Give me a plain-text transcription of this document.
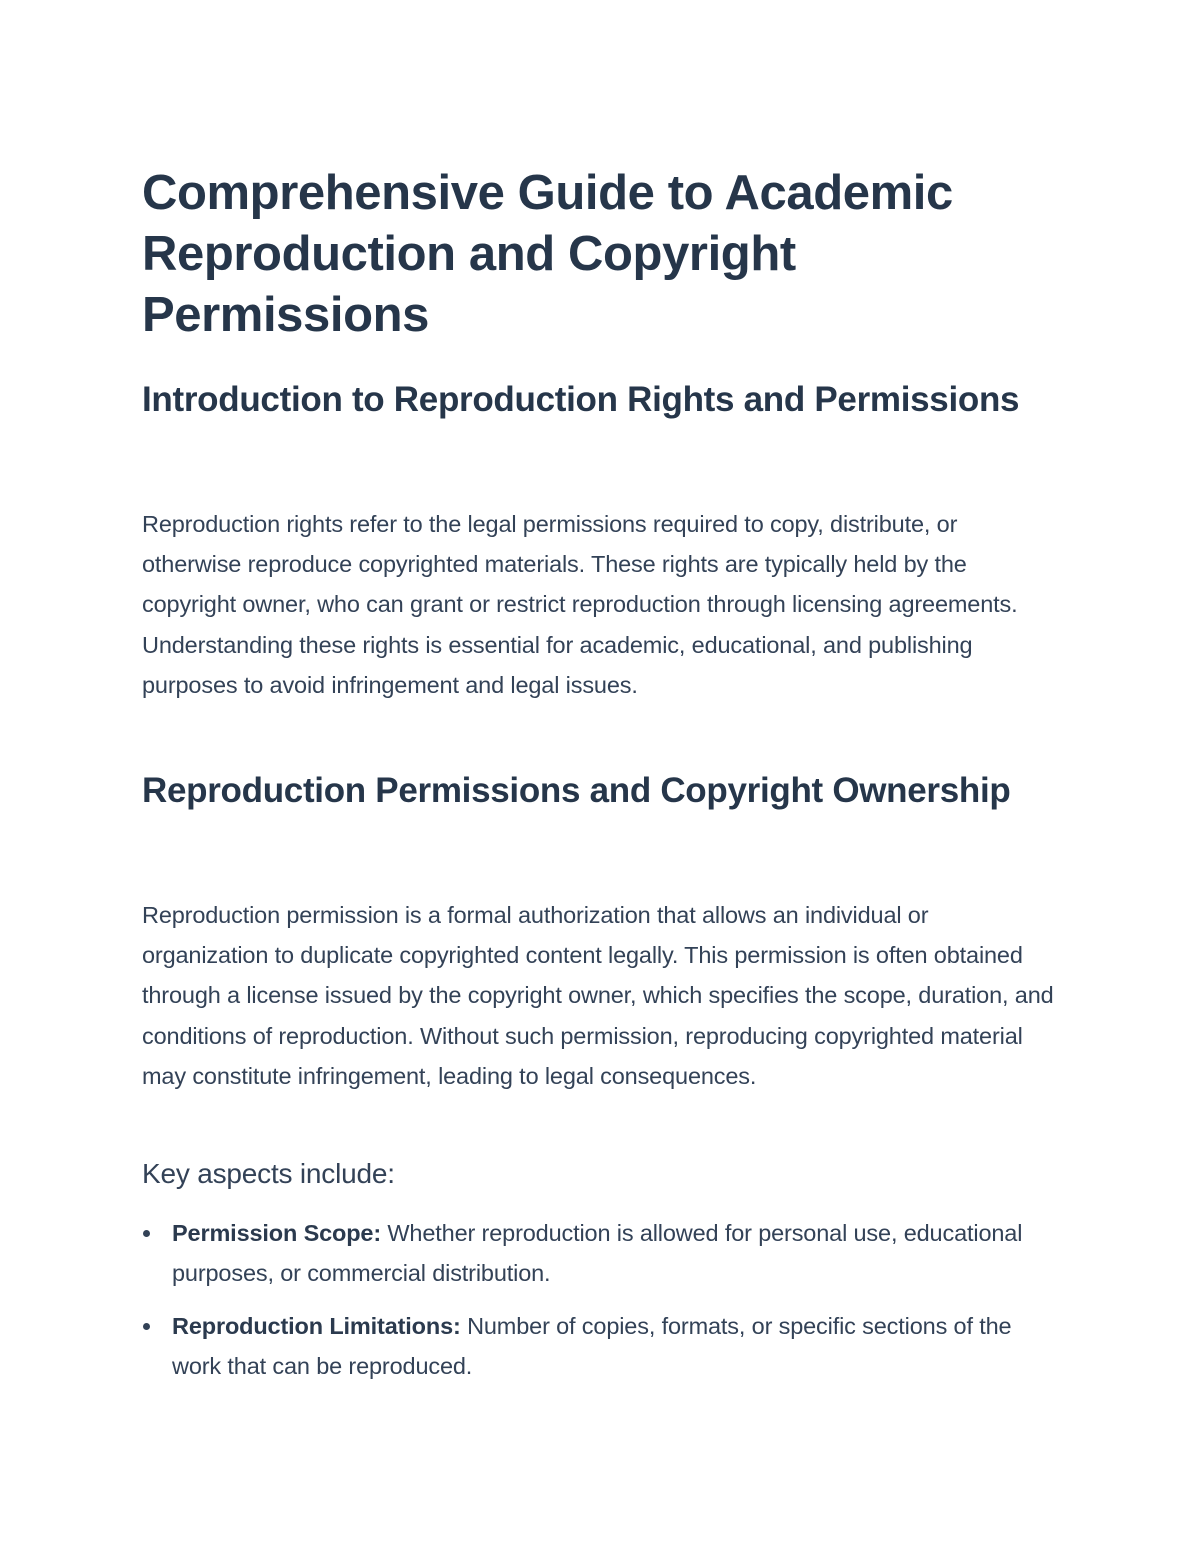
Comprehensive Guide to Academic Reproduction and Copyright Permissions
Introduction to Reproduction Rights and Permissions

Reproduction rights refer to the legal permissions required to copy, distribute, or otherwise reproduce copyrighted materials. These rights are typically held by the copyright owner, who can grant or restrict reproduction through licensing agreements. Understanding these rights is essential for academic, educational, and publishing purposes to avoid infringement and legal issues.

Reproduction Permissions and Copyright Ownership

Reproduction permission is a formal authorization that allows an individual or organization to duplicate copyrighted content legally. This permission is often obtained through a license issued by the copyright owner, which specifies the scope, duration, and conditions of reproduction. Without such permission, reproducing copyrighted material may constitute infringement, leading to legal consequences.

Key aspects include:

Permission Scope: Whether reproduction is allowed for personal use, educational purposes, or commercial distribution.
Reproduction Limitations: Number of copies, formats, or specific sections of the work that can be reproduced.
